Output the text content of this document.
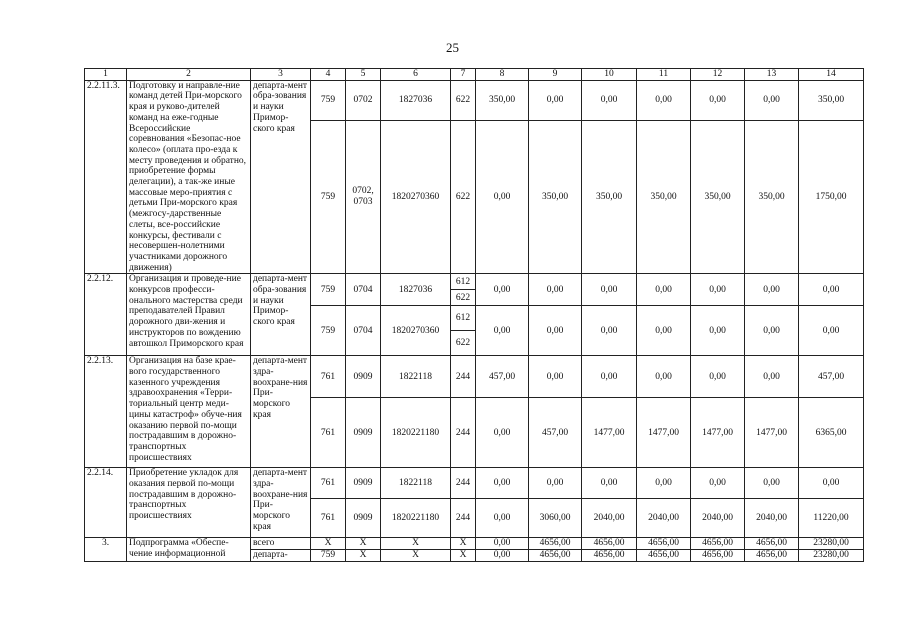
25
1	2	3	4	5	6	7	8	9	10	11	12	13	14
2.2.11.3.	Подготовку и направле-ние команд детей При-морского края и руково-дителей команд на еже-годные Всероссийские соревнования «Безопас-ное колесо» (оплата про-езда к месту проведения и обратно, приобретение формы делегации), а так-же иные массовые меро-приятия с детьми При-морского края (межгосу-дарственные слеты, все-российские конкурсы, фестивали с несовершен-нолетними участниками дорожного движения)	департа-мент обра-зования и науки Примор-ского края	759	0702	1827036	622	350,00	0,00	0,00	0,00	0,00	0,00	350,00
			759	0702, 0703	1820270360	622	0,00	350,00	350,00	350,00	350,00	350,00	1750,00
2.2.12.	Организация и проведе-ние конкурсов професси-онального мастерства среди преподавателей Правил дорожного дви-жения и инструкторов по вождению автошкол Приморского края	департа-мент обра-зования и науки Примор-ского края	759	0704	1827036	612	0,00	0,00	0,00	0,00	0,00	0,00	0,00
						622							
			759	0704	1820270360	612	0,00	0,00	0,00	0,00	0,00	0,00	0,00
						622							
2.2.13.	Организация на базе крае-вого государственного казенного учреждения здравоохранения «Терри-ториальный центр меди-цины катастроф» обуче-ния оказанию первой по-мощи пострадавшим в дорожно-транспортных происшествиях	департа-мент здра-воохране-ния При-морского края	761	0909	1822118	244	457,00	0,00	0,00	0,00	0,00	0,00	457,00
			761	0909	1820221180	244	0,00	457,00	1477,00	1477,00	1477,00	1477,00	6365,00
2.2.14.	Приобретение укладок для оказания первой по-мощи пострадавшим в дорожно-транспортных происшествиях	департа-мент здра-воохране-ния При-морского края	761	0909	1822118	244	0,00	0,00	0,00	0,00	0,00	0,00	0,00
			761	0909	1820221180	244	0,00	3060,00	2040,00	2040,00	2040,00	2040,00	11220,00
3.	Подпрограмма «Обеспе-чение информационной	всего	X	X	X	X	0,00	4656,00	4656,00	4656,00	4656,00	4656,00	23280,00
		департа-	759	X	X	X	0,00	4656,00	4656,00	4656,00	4656,00	4656,00	23280,00
